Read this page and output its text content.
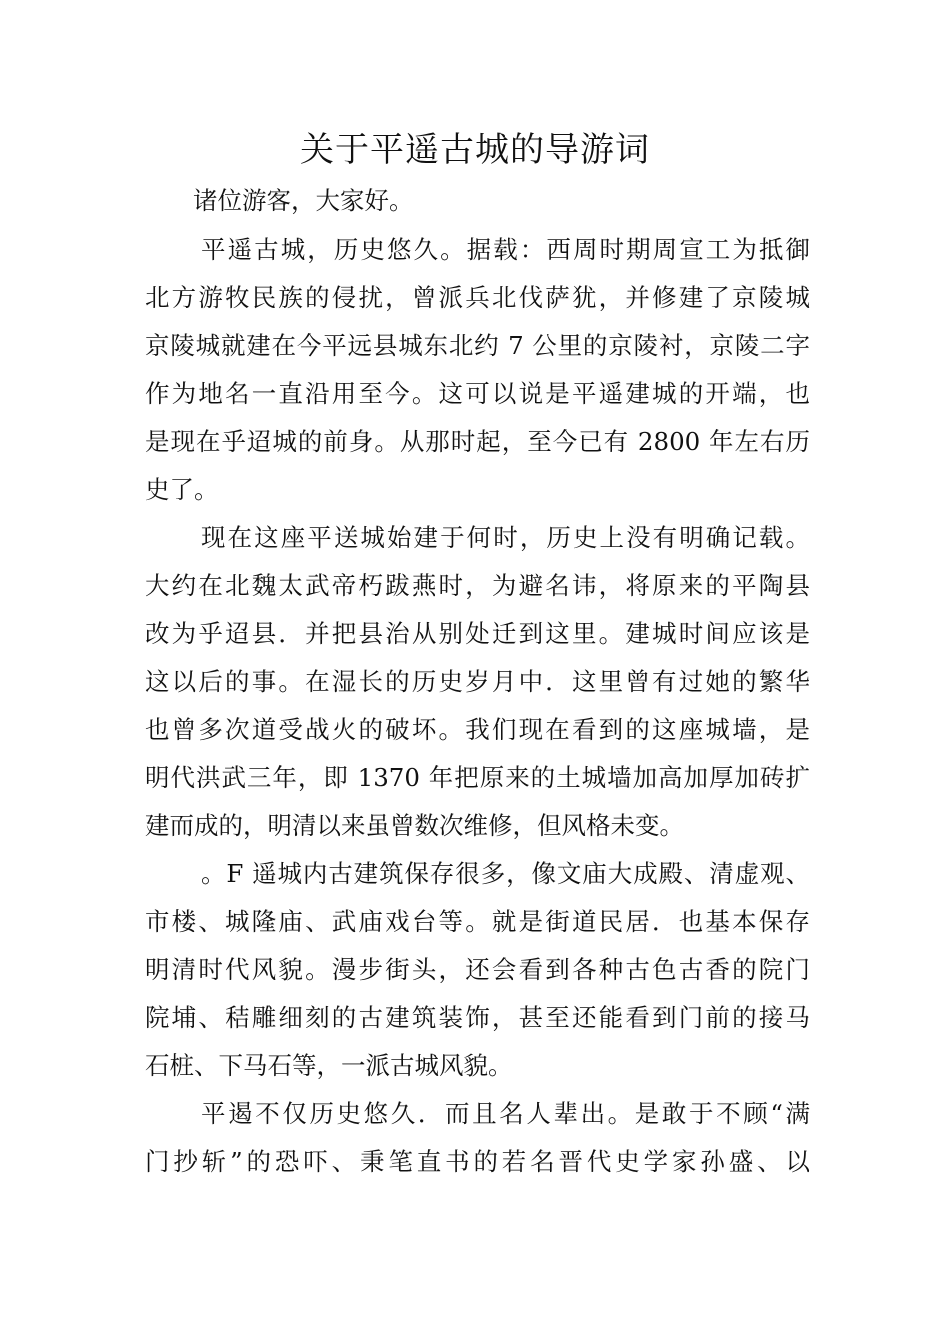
关于平遥古城的导游词

诸位游客，大家好。

平遥古城，历史悠久。据载：西周时期周宣工为抵御
北方游牧民族的侵扰，曾派兵北伐萨犹，并修建了京陵城
京陵城就建在今平远县城东北约 7 公里的京陵衬，京陵二字
作为地名一直沿用至今。这可以说是平遥建城的开端，也
是现在乎迢城的前身。从那时起，至今已有 2800 年左右历
史了。
现在这座平送城始建于何时，历史上没有明确记载。
大约在北魏太武帝朽跋燕时，为避名讳，将原来的平陶县
改为乎迢县．并把县治从别处迁到这里。建城时间应该是
这以后的事。在湿长的历史岁月中．这里曾有过她的繁华
也曾多次道受战火的破坏。我们现在看到的这座城墙，是
明代洪武三年，即 1370 年把原来的土城墙加高加厚加砖扩
建而成的，明清以来虽曾数次维修，但风格未变。
。F 遥城内古建筑保存很多，像文庙大成殿、清虚观、
市楼、城隆庙、武庙戏台等。就是街道民居．也基本保存
明清时代风貌。漫步街头，还会看到各种古色古香的院门
院埔、秸雕细刻的古建筑装饰，甚至还能看到门前的接马
石桩、下马石等，一派古城风貌。
平遏不仅历史悠久．而且名人辈出。是敢于不顾“满
门抄斩”的恐吓、秉笔直书的若名晋代史学家孙盛、以
